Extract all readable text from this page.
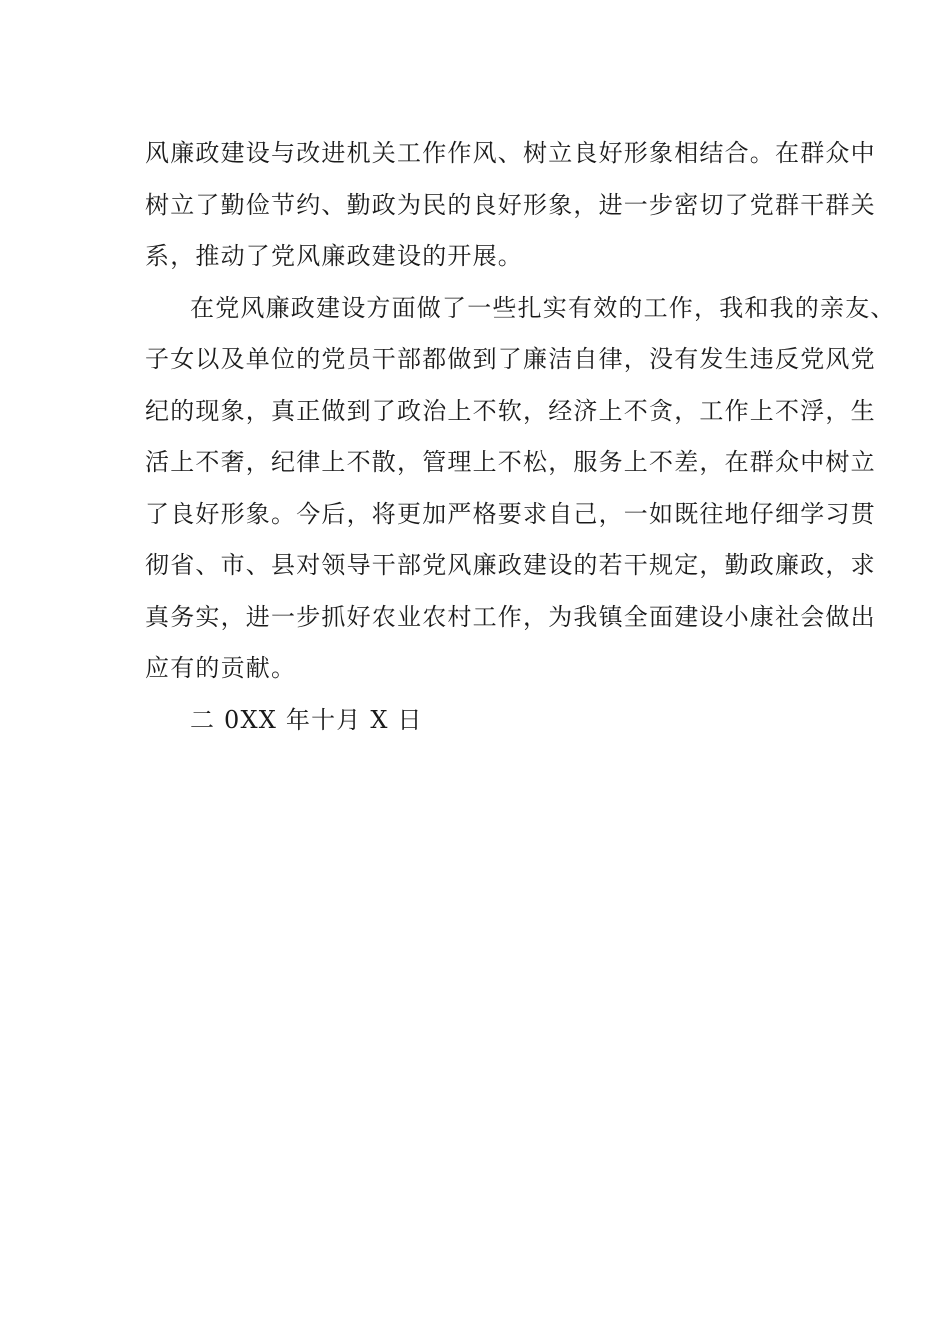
风廉政建设与改进机关工作作风、树立良好形象相结合。在群众中
树立了勤俭节约、勤政为民的良好形象，进一步密切了党群干群关
系，推动了党风廉政建设的开展。
在党风廉政建设方面做了一些扎实有效的工作，我和我的亲友、
子女以及单位的党员干部都做到了廉洁自律，没有发生违反党风党
纪的现象，真正做到了政治上不软，经济上不贪，工作上不浮，生
活上不奢，纪律上不散，管理上不松，服务上不差，在群众中树立
了良好形象。今后，将更加严格要求自己，一如既往地仔细学习贯
彻省、市、县对领导干部党风廉政建设的若干规定，勤政廉政，求
真务实，进一步抓好农业农村工作，为我镇全面建设小康社会做出
应有的贡献。
二 0XX 年十月 X 日
